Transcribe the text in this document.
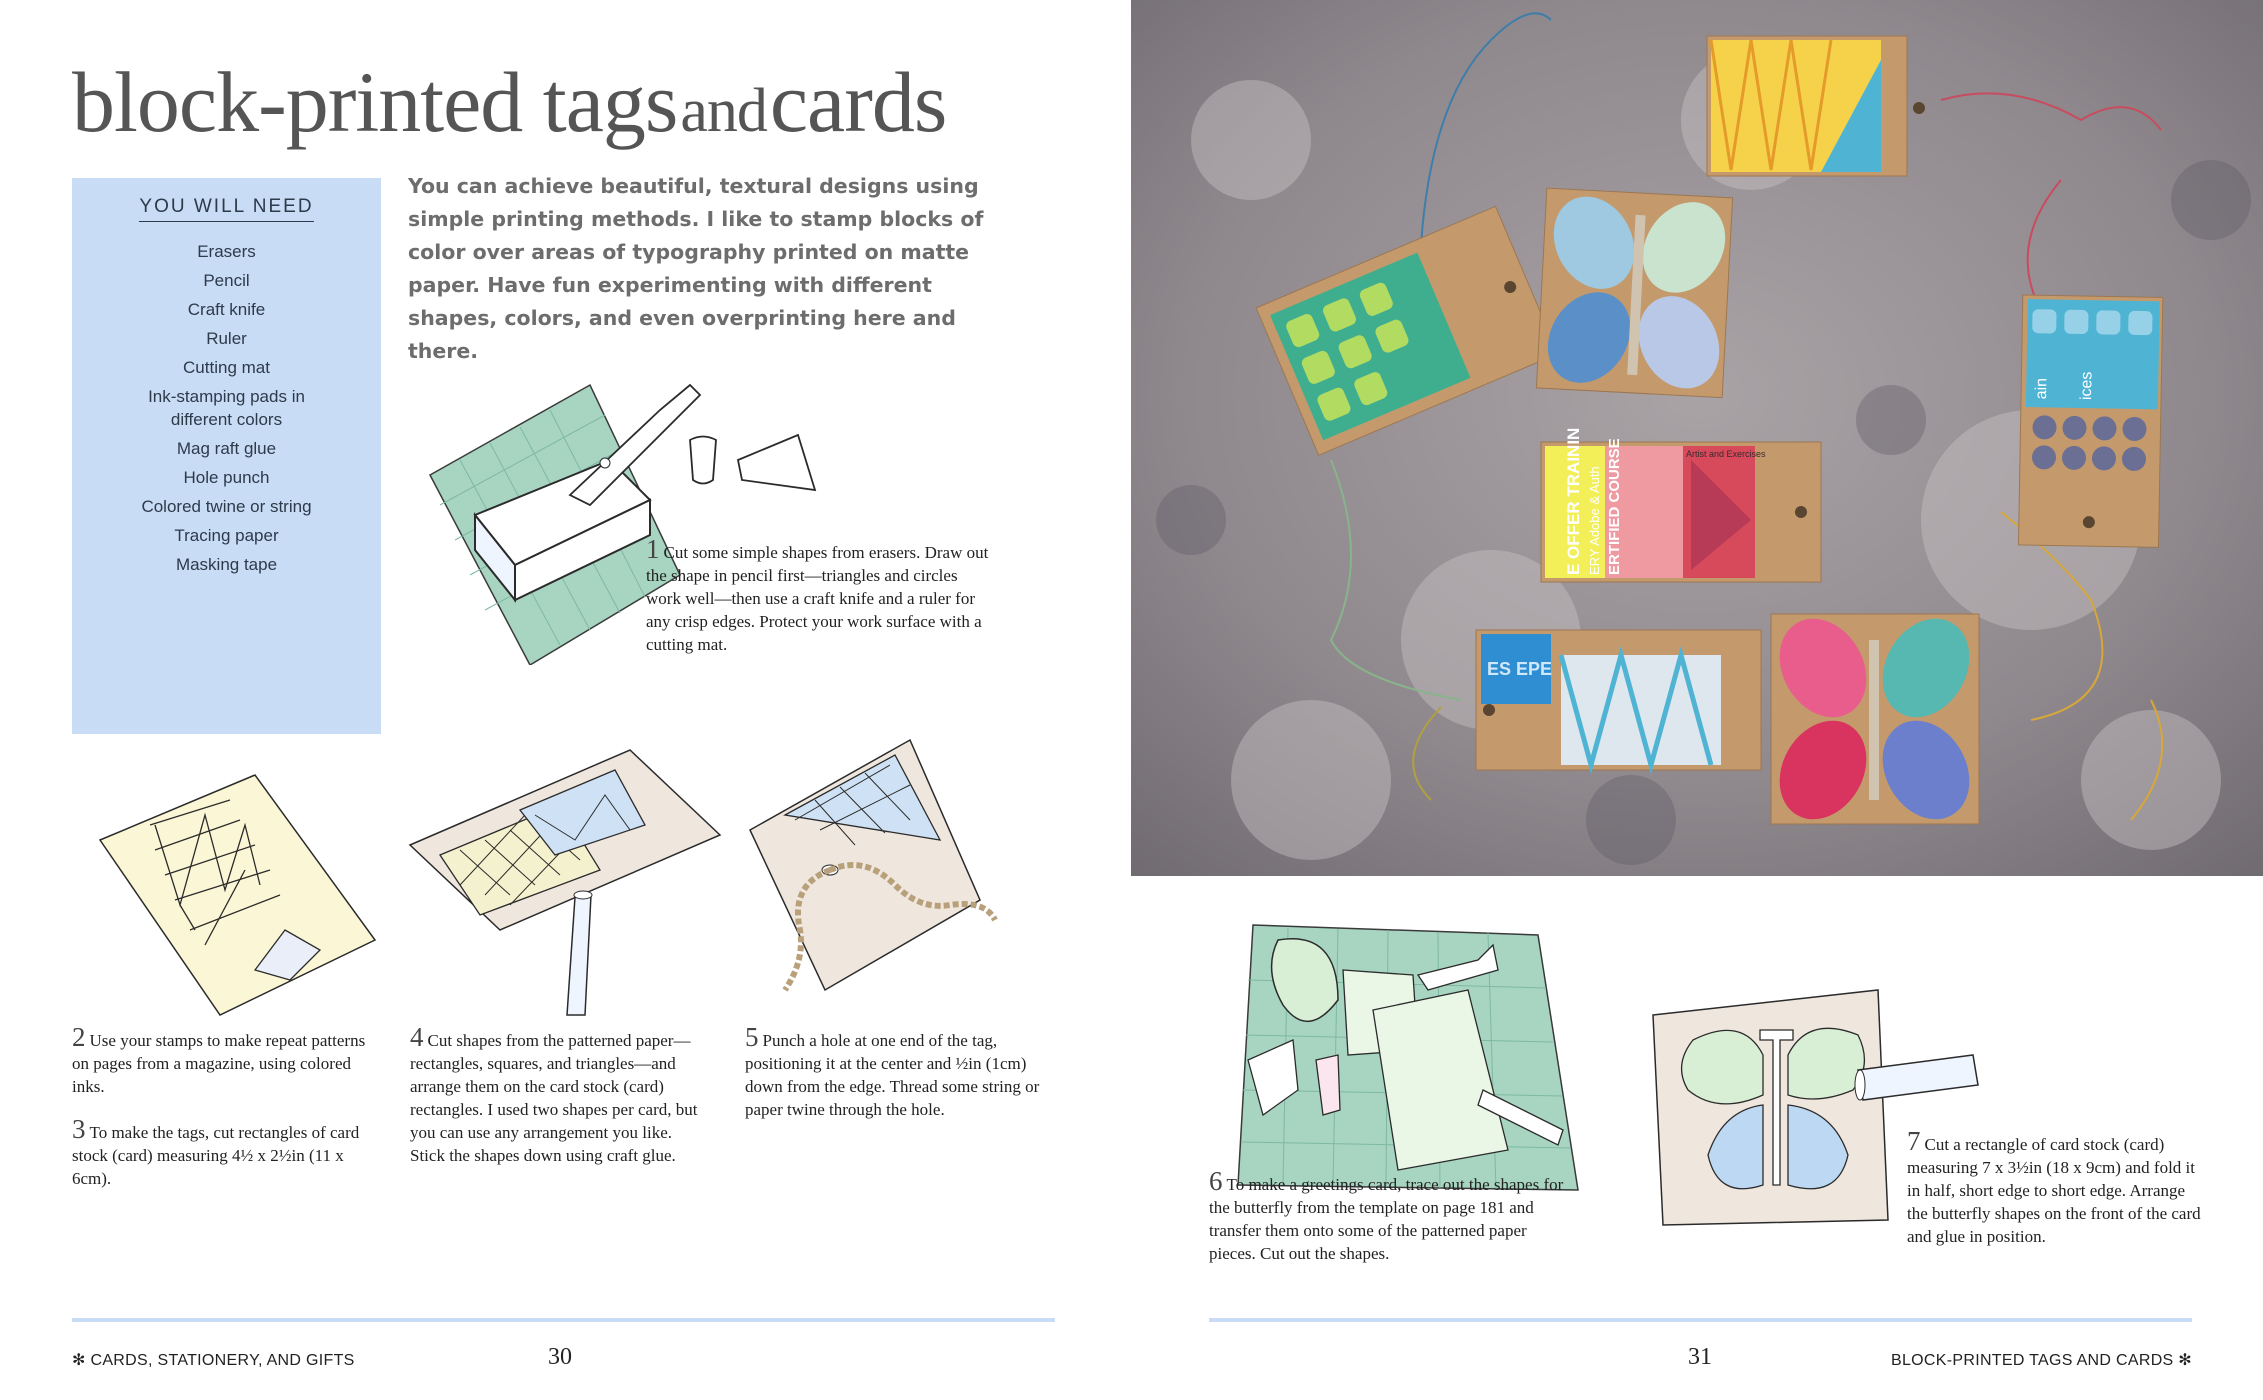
block-printed tags and cards
YOU WILL NEED
Erasers
Pencil
Craft knife
Ruler
Cutting mat
Ink-stamping pads in different colors
Mag raft glue
Hole punch
Colored twine or string
Tracing paper
Masking tape
You can achieve beautiful, textural designs using simple printing methods. I like to stamp blocks of color over areas of typography printed on matte paper. Have fun experimenting with different shapes, colors, and even overprinting here and there.
1 Cut some simple shapes from erasers. Draw out the shape in pencil first—triangles and circles work well—then use a craft knife and a ruler for any crisp edges. Protect your work surface with a cutting mat.
2 Use your stamps to make repeat patterns on pages from a magazine, using colored inks.
3 To make the tags, cut rectangles of card stock (card) measuring 4½ x 2½in (11 x 6cm).
4 Cut shapes from the patterned paper—rectangles, squares, and triangles—and arrange them on the card stock (card) rectangles. I used two shapes per card, but you can use any arrangement you like. Stick the shapes down using craft glue.
5 Punch a hole at one end of the tag, positioning it at the center and ½in (1cm) down from the edge. Thread some string or paper twine through the hole.
E OFFER TRAININ ERY Adobe & Auth ERTIFIED COURSE	Artist and Exercises
ain ices
ES EPE
6 To make a greetings card, trace out the shapes for the butterfly from the template on page 181 and transfer them onto some of the patterned paper pieces. Cut out the shapes.
7 Cut a rectangle of card stock (card) measuring 7 x 3½in (18 x 9cm) and fold it in half, short edge to short edge. Arrange the butterfly shapes on the front of the card and glue in position.
✻ CARDS, STATIONERY, AND GIFTS	30	31	BLOCK-PRINTED TAGS AND CARDS ✻
